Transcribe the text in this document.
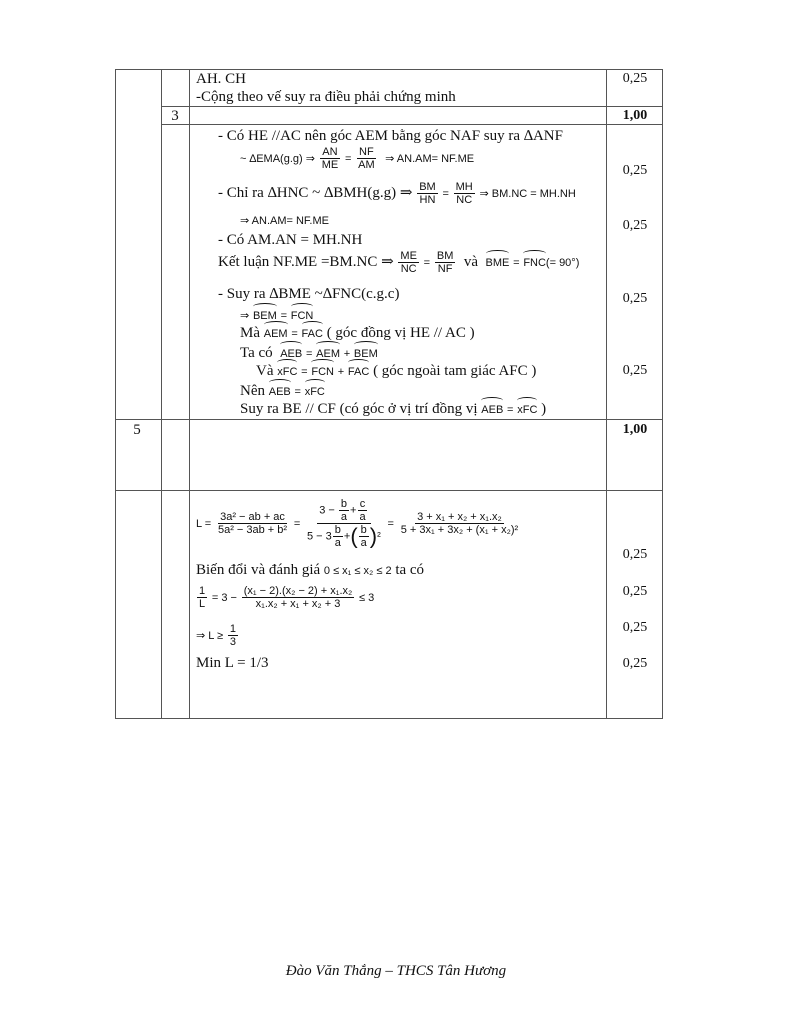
AH. CH
-Cộng theo vế suy ra điều phải chứng minh
0,25
3	1,00
- Có HE //AC nên góc AEM bằng góc NAF suy ra ∆ANF
~ ∆EMA(g.g) ⇒ $\frac{AN}{ME} = \frac{NF}{AM}$ ⇒ AN.AM= NF.ME
- Chỉ ra ∆HNC ~ ∆BMH(g.g) ⇒ $\frac{BM}{HN} = \frac{MH}{NC}$ ⇒ BM.NC = MH.NH
⇒ AN.AM= NF.ME
- Có AM.AN = MH.NH
Kết luận NF.ME =BM.NC ⇒ $\frac{ME}{NC} = \frac{BM}{NF}$ và BME = FNC(= 90°)
- Suy ra ∆BME ~∆FNC(c.g.c)
⇒ BEM = FCN
Mà AEM = FAC ( góc đồng vị HE // AC )
Ta có AEB = AEM + BEM
Và xFC = FCN + FAC ( góc ngoài tam giác AFC )
Nên AEB = xFC
Suy ra BE // CF (có góc ở vị trí đồng vị AEB = xFC )
0,25
0,25
0,25
0,25
5	1,00
$L = \frac{\text{3a² − ab + ac}}{\text{5a² − 3ab + b²}} = \frac{3 - \frac{b}{a} + \frac{c}{a}}{5 - 3 \frac{b}{a} +( \frac{b}{a} )^2} = \frac{\text{3 + x₁ + x₂ + x₁.x₂}}{\text{5 + 3x₁ + 3x₂ + (x₁ + x₂)²}}$
Biến đổi và đánh giá 0 ≤ x₁ ≤ x₂ ≤ 2 ta có
$\frac{1}{L} = 3 - \frac{\text{(x₁ − 2).(x₂ − 2) + x₁.x₂}}{\text{x₁.x₂ + x₁ + x₂ + 3}} \le 3$
⇒ $L \ge \frac{1}{3}$
Min L = 1/3
0,25
0,25
0,25
0,25
Đào Văn Thắng – THCS Tân Hương
